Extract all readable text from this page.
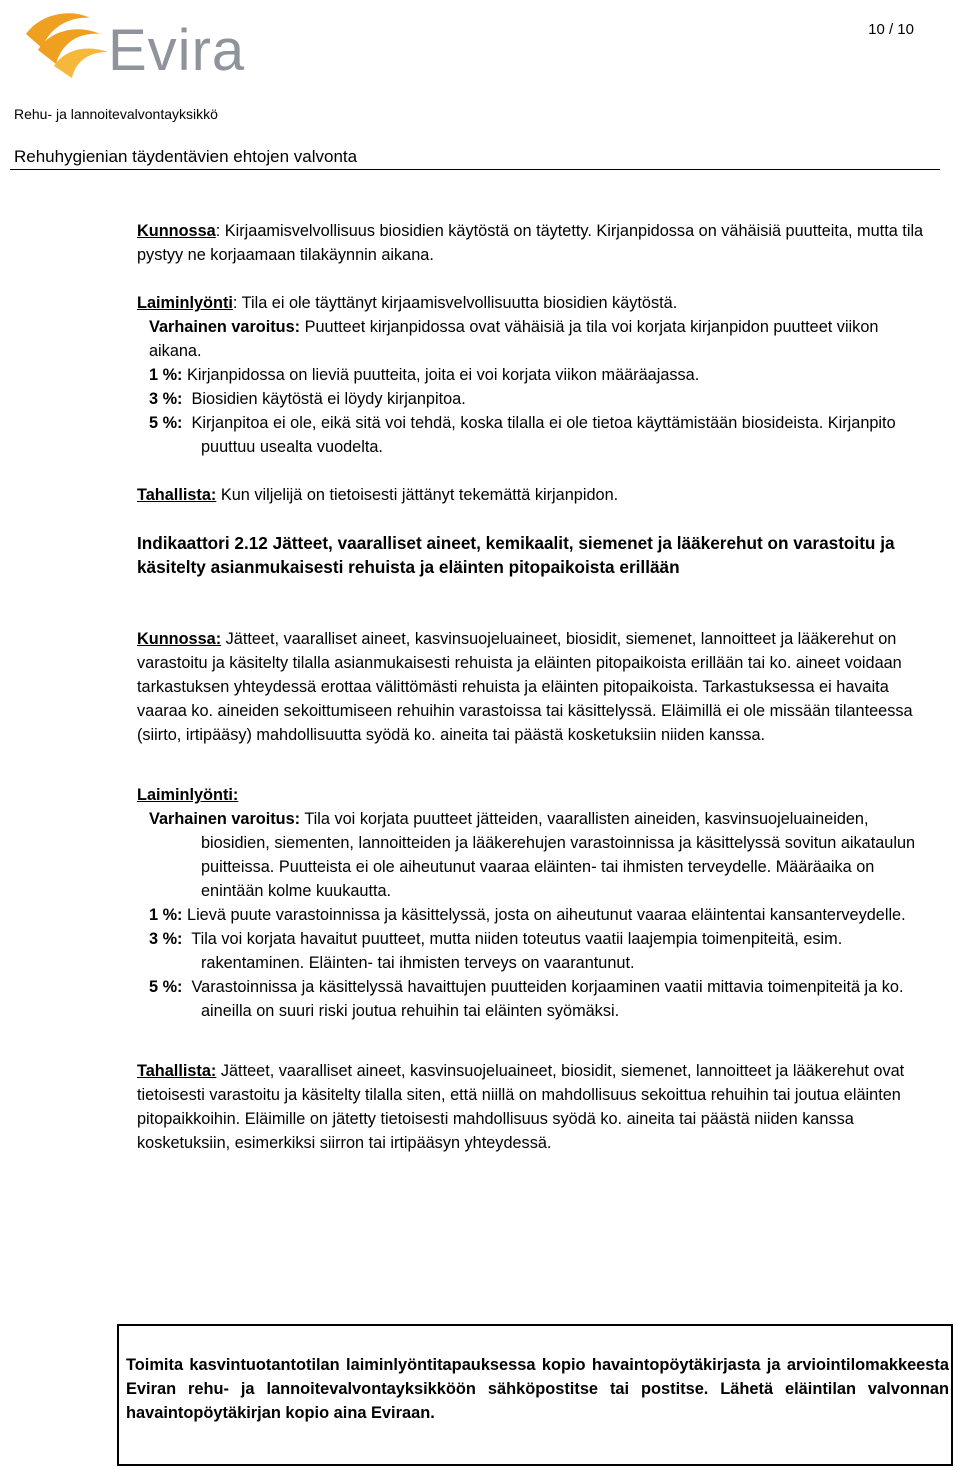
Evira	10 / 10
Rehu- ja lannoitevalvontayksikkö
Rehuhygienian täydentävien ehtojen valvonta

Kunnossa: Kirjaamisvelvollisuus biosidien käytöstä on täytetty. Kirjanpidossa on vähäisiä puutteita, mutta tila pystyy ne korjaamaan tilakäynnin aikana.

Laiminlyönti: Tila ei ole täyttänyt kirjaamisvelvollisuutta biosidien käytöstä.

Varhainen varoitus: Puutteet kirjanpidossa ovat vähäisiä ja tila voi korjata kirjanpidon puutteet viikon aikana.

1 %: Kirjanpidossa on lieviä puutteita, joita ei voi korjata viikon määräajassa.

3 %:  Biosidien käytöstä ei löydy kirjanpitoa.

5 %:  Kirjanpitoa ei ole, eikä sitä voi tehdä, koska tilalla ei ole tietoa käyttämistään biosideista. Kirjanpito puuttuu usealta vuodelta.

Tahallista: Kun viljelijä on tietoisesti jättänyt tekemättä kirjanpidon.

Indikaattori 2.12 Jätteet, vaaralliset aineet, kemikaalit, siemenet ja lääkerehut on varastoitu ja käsitelty asianmukaisesti rehuista ja eläinten pitopaikoista erillään

Kunnossa: Jätteet, vaaralliset aineet, kasvinsuojeluaineet, biosidit, siemenet, lannoitteet ja lääkerehut on varastoitu ja käsitelty tilalla asianmukaisesti rehuista ja eläinten pitopaikoista erillään tai ko. aineet voidaan tarkastuksen yhteydessä erottaa välittömästi rehuista ja eläinten pitopaikoista. Tarkastuksessa ei havaita vaaraa ko. aineiden sekoittumiseen rehuihin varastoissa tai käsittelyssä. Eläimillä ei ole missään tilanteessa (siirto, irtipääsy) mahdollisuutta syödä ko. aineita tai päästä kosketuksiin niiden kanssa.

Laiminlyönti:

Varhainen varoitus: Tila voi korjata puutteet jätteiden, vaarallisten aineiden, kasvinsuojeluaineiden, biosidien, siementen, lannoitteiden ja lääkerehujen varastoinnissa ja käsittelyssä sovitun aikataulun puitteissa. Puutteista ei ole aiheutunut vaaraa eläinten- tai ihmisten terveydelle. Määräaika on enintään kolme kuukautta.

1 %: Lievä puute varastoinnissa ja käsittelyssä, josta on aiheutunut vaaraa eläintentai kansanterveydelle.

3 %:  Tila voi korjata havaitut puutteet, mutta niiden toteutus vaatii laajempia toimenpiteitä, esim. rakentaminen. Eläinten- tai ihmisten terveys on vaarantunut.

5 %:  Varastoinnissa ja käsittelyssä havaittujen puutteiden korjaaminen vaatii mittavia toimenpiteitä ja ko. aineilla on suuri riski joutua rehuihin tai eläinten syömäksi.

Tahallista: Jätteet, vaaralliset aineet, kasvinsuojeluaineet, biosidit, siemenet, lannoitteet ja lääkerehut ovat tietoisesti varastoitu ja käsitelty tilalla siten, että niillä on mahdollisuus sekoittua rehuihin tai joutua eläinten pitopaikkoihin. Eläimille on jätetty tietoisesti mahdollisuus syödä ko. aineita tai päästä niiden kanssa kosketuksiin, esimerkiksi siirron tai irtipääsyn yhteydessä.

Toimita kasvintuotantotilan laiminlyöntitapauksessa kopio havaintopöytäkirjasta ja arviointilomakkeesta Eviran rehu- ja lannoitevalvontayksikköön sähköpostitse tai postitse. Lähetä eläintilan valvonnan havaintopöytäkirjan kopio aina Eviraan.
